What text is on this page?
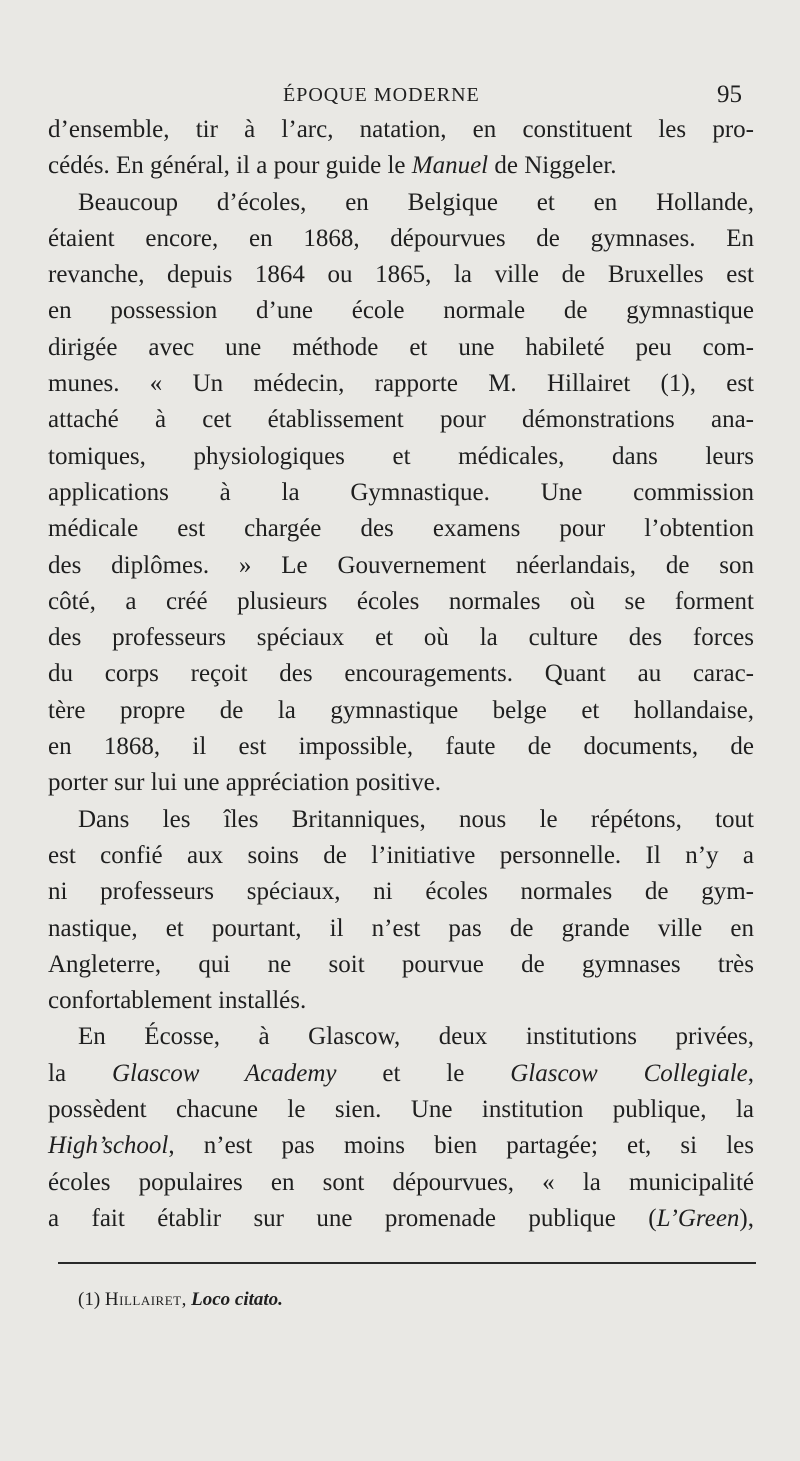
ÉPOQUE MODERNE	95
d’ensemble, tir à l’arc, natation, en constituent les pro-
cédés. En général, il a pour guide le Manuel de Niggeler.
Beaucoup d’écoles, en Belgique et en Hollande,
étaient encore, en 1868, dépourvues de gymnases. En
revanche, depuis 1864 ou 1865, la ville de Bruxelles est
en possession d’une école normale de gymnastique
dirigée avec une méthode et une habileté peu com-
munes. « Un médecin, rapporte M. Hillairet (1), est
attaché à cet établissement pour démonstrations ana-
tomiques, physiologiques et médicales, dans leurs
applications à la Gymnastique. Une commission
médicale est chargée des examens pour l’obtention
des diplômes. » Le Gouvernement néerlandais, de son
côté, a créé plusieurs écoles normales où se forment
des professeurs spéciaux et où la culture des forces
du corps reçoit des encouragements. Quant au carac-
tère propre de la gymnastique belge et hollandaise,
en 1868, il est impossible, faute de documents, de
porter sur lui une appréciation positive.
Dans les îles Britanniques, nous le répétons, tout
est confié aux soins de l’initiative personnelle. Il n’y a
ni professeurs spéciaux, ni écoles normales de gym-
nastique, et pourtant, il n’est pas de grande ville en
Angleterre, qui ne soit pourvue de gymnases très
confortablement installés.
En Écosse, à Glascow, deux institutions privées,
la Glascow Academy et le Glascow Collegiale,
possèdent chacune le sien. Une institution publique, la
High’school, n’est pas moins bien partagée; et, si les
écoles populaires en sont dépourvues, « la municipalité
a fait établir sur une promenade publique (L’Green),
(1) Hillairet, Loco citato.
